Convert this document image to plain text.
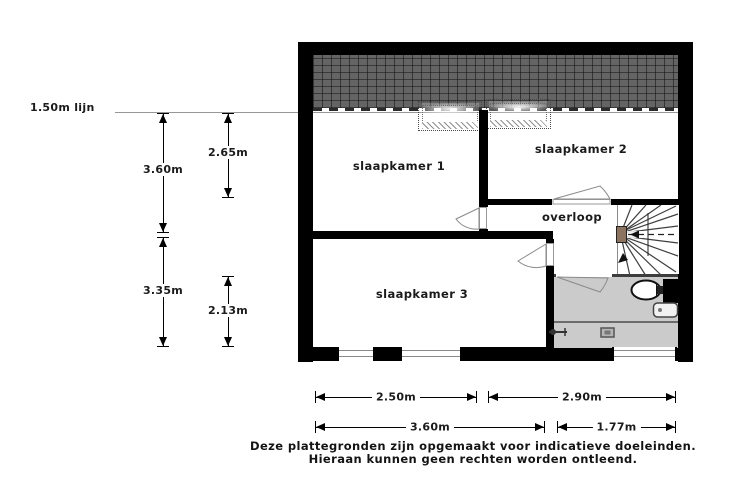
slaapkamer 1
slaapkamer 2
slaapkamer 3
overloop
1.50m lijn
3.60m
2.65m
3.35m
2.13m
2.50m	2.90m
3.60m	1.77m
Deze plattegronden zijn opgemaakt voor indicatieve doeleinden.
Hieraan kunnen geen rechten worden ontleend.
